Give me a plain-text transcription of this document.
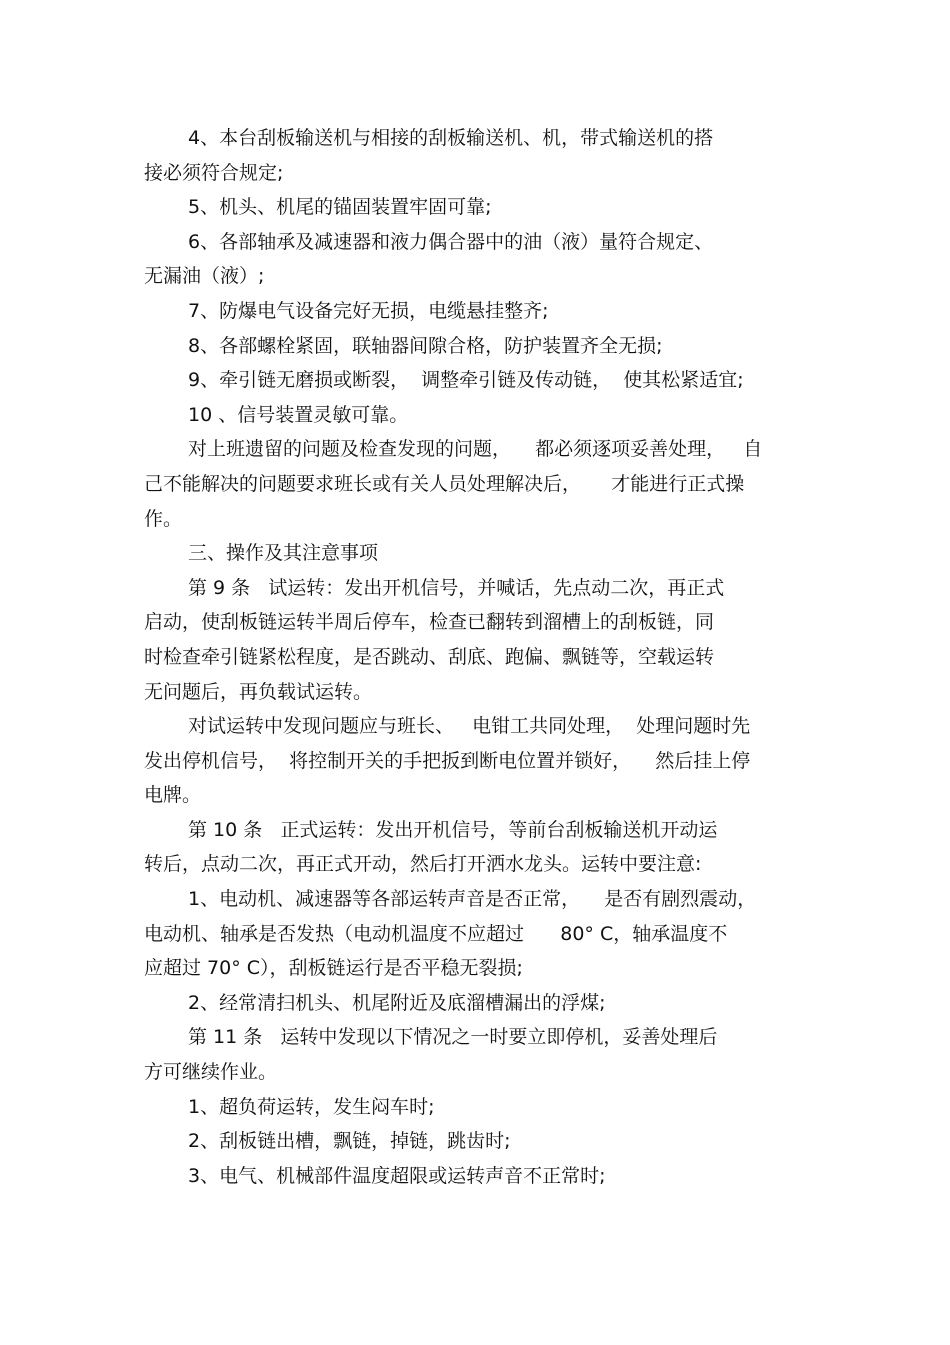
4、本台刮板输送机与相接的刮板输送机、机，带式输送机的搭
接必须符合规定;
5、机头、机尾的锚固装置牢固可靠;
6、各部轴承及减速器和液力偶合器中的油（液）量符合规定、
无漏油（液）;
7、防爆电气设备完好无损，电缆悬挂整齐;
8、各部螺栓紧固，联轴器间隙合格，防护装置齐全无损;
9、牵引链无磨损或断裂，  调整牵引链及传动链，  使其松紧适宜;
10 、信号装置灵敏可靠。
对上班遗留的问题及检查发现的问题，    都必须逐项妥善处理，   自
己不能解决的问题要求班长或有关人员处理解决后，     才能进行正式操
作。
三、操作及其注意事项
第 9 条   试运转：发出开机信号，并喊话，先点动二次，再正式
启动，使刮板链运转半周后停车，检查已翻转到溜槽上的刮板链，同
时检查牵引链紧松程度，是否跳动、刮底、跑偏、飘链等，空载运转
无问题后，再负载试运转。
对试运转中发现问题应与班长、   电钳工共同处理，  处理问题时先
发出停机信号，  将控制开关的手把扳到断电位置并锁好，    然后挂上停
电牌。
第 10 条   正式运转：发出开机信号，等前台刮板输送机开动运
转后，点动二次，再正式开动，然后打开洒水龙头。运转中要注意:
1、电动机、减速器等各部运转声音是否正常，    是否有剧烈震动，
电动机、轴承是否发热（电动机温度不应超过      80° C，轴承温度不
应超过 70° C），刮板链运行是否平稳无裂损;
2、经常清扫机头、机尾附近及底溜槽漏出的浮煤;
第 11 条   运转中发现以下情况之一时要立即停机，妥善处理后
方可继续作业。
1、超负荷运转，发生闷车时;
2、刮板链出槽，飘链，掉链，跳齿时;
3、电气、机械部件温度超限或运转声音不正常时;
